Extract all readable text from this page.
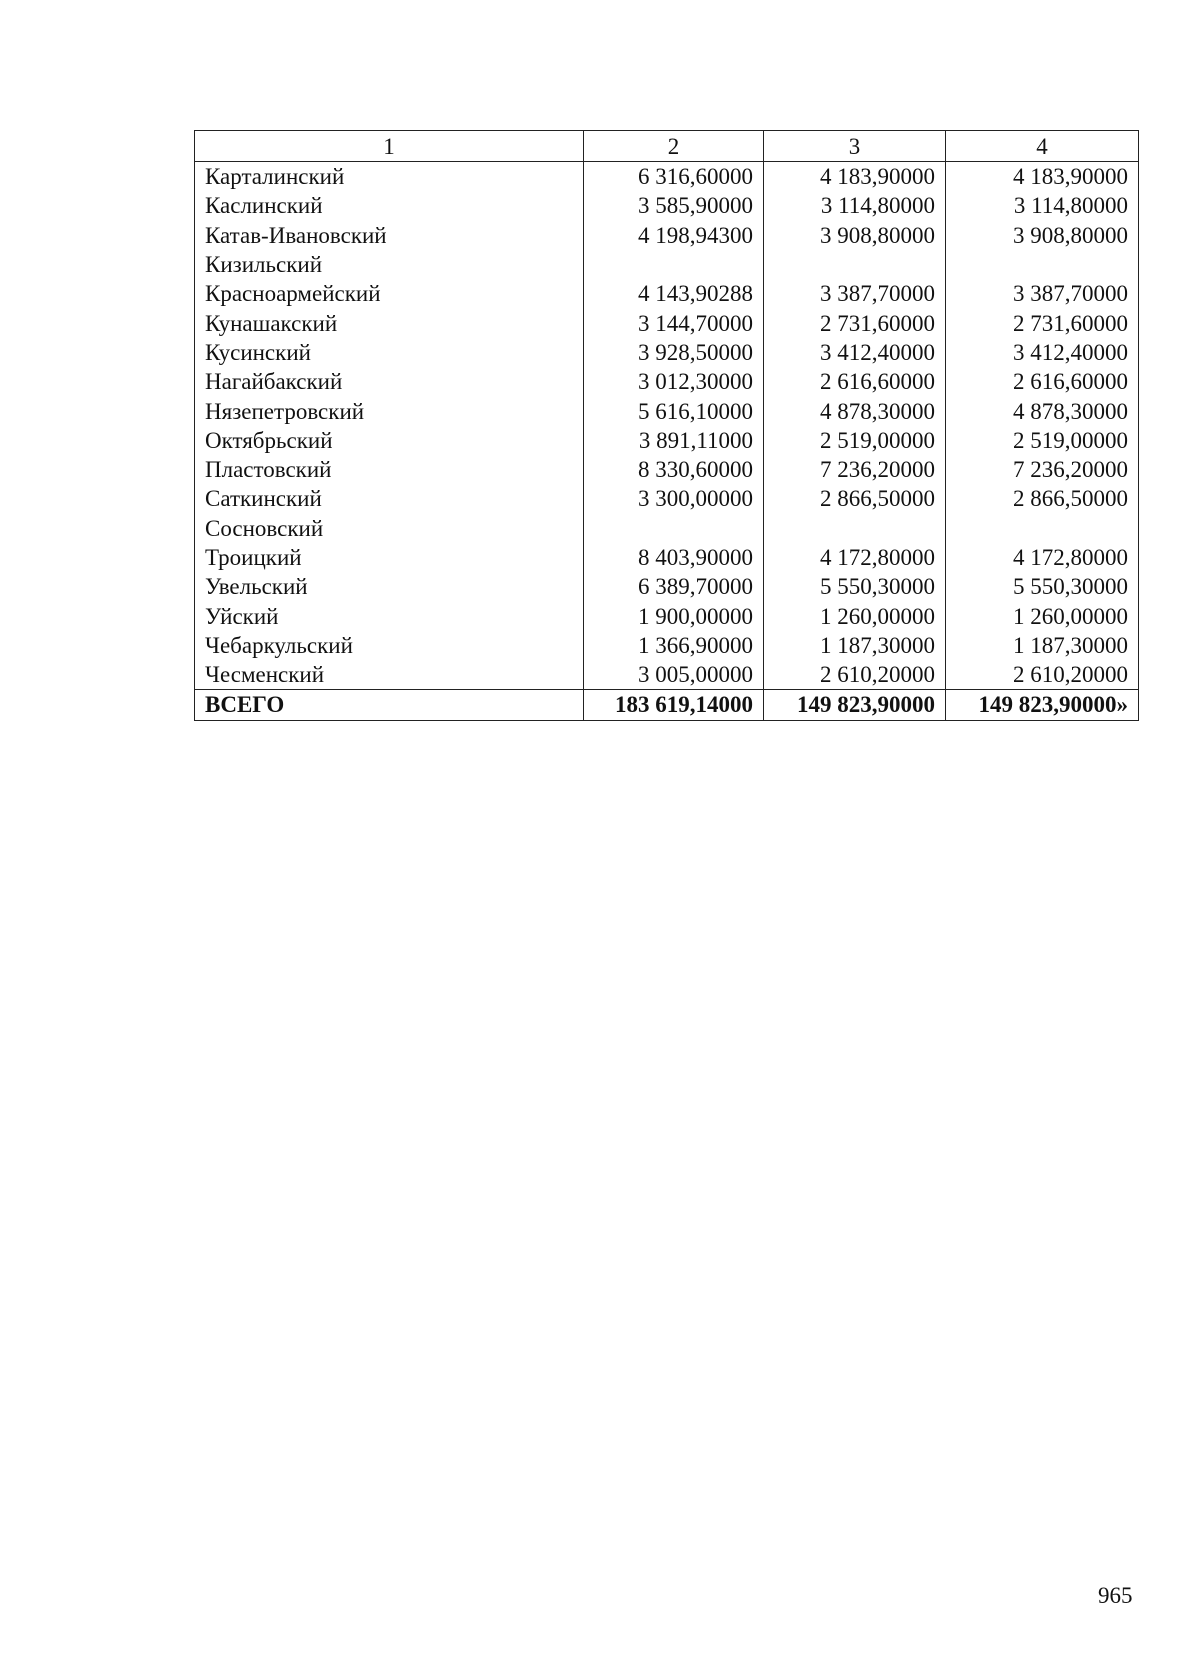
1	2	3	4
Карталинский	6 316,60000	4 183,90000	4 183,90000
Каслинский	3 585,90000	3 114,80000	3 114,80000
Катав-Ивановский	4 198,94300	3 908,80000	3 908,80000
Кизильский			
Красноармейский	4 143,90288	3 387,70000	3 387,70000
Кунашакский	3 144,70000	2 731,60000	2 731,60000
Кусинский	3 928,50000	3 412,40000	3 412,40000
Нагайбакский	3 012,30000	2 616,60000	2 616,60000
Нязепетровский	5 616,10000	4 878,30000	4 878,30000
Октябрьский	3 891,11000	2 519,00000	2 519,00000
Пластовский	8 330,60000	7 236,20000	7 236,20000
Саткинский	3 300,00000	2 866,50000	2 866,50000
Сосновский			
Троицкий	8 403,90000	4 172,80000	4 172,80000
Увельский	6 389,70000	5 550,30000	5 550,30000
Уйский	1 900,00000	1 260,00000	1 260,00000
Чебаркульский	1 366,90000	1 187,30000	1 187,30000
Чесменский	3 005,00000	2 610,20000	2 610,20000
ВСЕГО	183 619,14000	149 823,90000	149 823,90000»
965
